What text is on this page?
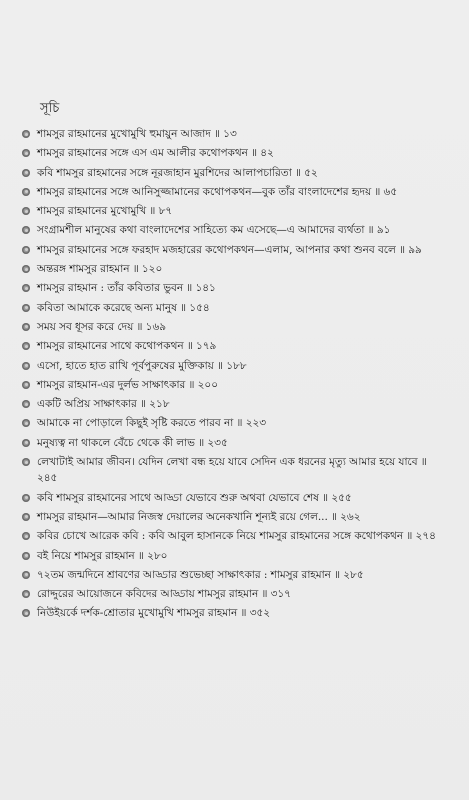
সূচি
শামসুর রাহমানের মুখোমুখি হুমায়ুন আজাদ ॥ ১৩
শামসুর রাহমানের সঙ্গে এস এম আলীর কথোপকথন ॥ ৪২
কবি শামসুর রাহমানের সঙ্গে নূরজাহান মুরশিদের আলাপচারিতা ॥ ৫২
শামসুর রাহমানের সঙ্গে আনিসুজ্জামানের কথোপকথন—বুক তাঁর বাংলাদেশের হৃদয় ॥ ৬৫
শামসুর রাহমানের মুখোমুখি ॥ ৮৭
সংগ্রামশীল মানুষের কথা বাংলাদেশের সাহিত্যে কম এসেছে—এ আমাদের ব্যর্থতা ॥ ৯১
শামসুর রাহমানের সঙ্গে ফরহাদ মজহারের কথোপকথন—এলাম, আপনার কথা শুনব বলে ॥ ৯৯
অন্তরঙ্গ শামসুর রাহমান ॥ ১২০
শামসুর রাহমান : তাঁর কবিতার ভুবন ॥ ১৪১
কবিতা আমাকে করেছে অন্য মানুষ ॥ ১৫৪
সময় সব ধূসর করে দেয় ॥ ১৬৯
শামসুর রাহমানের সাথে কথোপকথন ॥ ১৭৯
এসো, হাতে হাত রাখি পূর্বপুরুষের মুক্তিকায় ॥ ১৮৮
শামসুর রাহমান-এর দুর্লভ সাক্ষাৎকার ॥ ২০০
একটি অপ্রিয় সাক্ষাৎকার ॥ ২১৮
আমাকে না পোড়ালে কিছুই সৃষ্টি করতে পারব না ॥ ২২৩
মনুষ্যত্ব না থাকলে বেঁচে থেকে কী লাভ ॥ ২৩৫
লেখাটাই আমার জীবন। যেদিন লেখা বন্ধ হয়ে যাবে সেদিন এক ধরনের মৃত্যু আমার হয়ে যাবে ॥ ২৪৫
কবি শামসুর রাহমানের সাথে আড্ডা যেভাবে শুরু অথবা যেভাবে শেষ ॥ ২৫৫
শামসুর রাহমান—আমার নিজস্ব দেয়ালের অনেকখানি শূন্যই রয়ে গেল... ॥ ২৬২
কবির চোখে আরেক কবি : কবি আবুল হাসানকে নিয়ে শামসুর রাহমানের সঙ্গে কথোপকথন ॥ ২৭৪
বই নিয়ে শামসুর রাহমান ॥ ২৮০
৭২তম জন্মদিনে শ্রাবণের আড্ডার শুভেচ্ছা সাক্ষাৎকার : শামসুর রাহমান ॥ ২৮৫
রোদ্দুরের আয়োজনে কবিদের আড্ডায় শামসুর রাহমান ॥ ৩১৭
নিউইয়র্কে দর্শক-শ্রোতার মুখোমুখি শামসুর রাহমান ॥ ৩৫২
